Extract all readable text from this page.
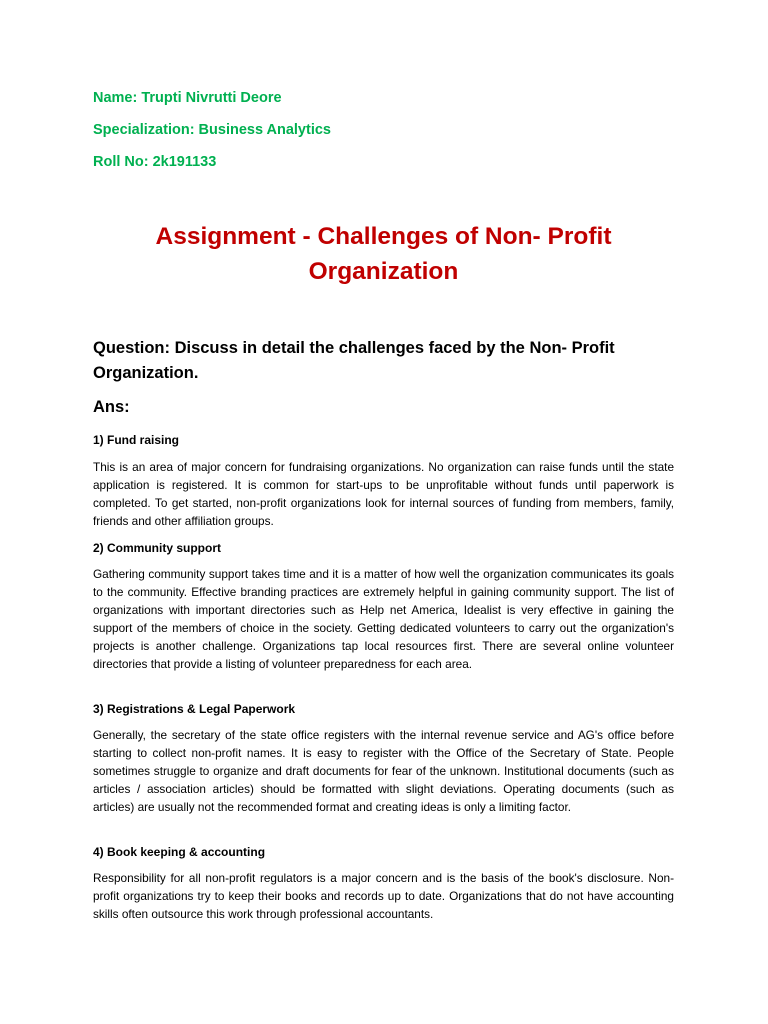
Name: Trupti Nivrutti Deore
Specialization: Business Analytics
Roll No: 2k191133
Assignment - Challenges of Non- Profit Organization
Question: Discuss in detail the challenges faced by the Non- Profit Organization.
Ans:
1) Fund raising
This is an area of major concern for fundraising organizations. No organization can raise funds until the state application is registered. It is common for start-ups to be unprofitable without funds until paperwork is completed. To get started, non-profit organizations look for internal sources of funding from members, family, friends and other affiliation groups.
2) Community support
Gathering community support takes time and it is a matter of how well the organization communicates its goals to the community. Effective branding practices are extremely helpful in gaining community support. The list of organizations with important directories such as Help net America, Idealist is very effective in gaining the support of the members of choice in the society. Getting dedicated volunteers to carry out the organization's projects is another challenge. Organizations tap local resources first. There are several online volunteer directories that provide a listing of volunteer preparedness for each area.
3) Registrations & Legal Paperwork
Generally, the secretary of the state office registers with the internal revenue service and AG's office before starting to collect non-profit names. It is easy to register with the Office of the Secretary of State. People sometimes struggle to organize and draft documents for fear of the unknown. Institutional documents (such as articles / association articles) should be formatted with slight deviations. Operating documents (such as articles) are usually not the recommended format and creating ideas is only a limiting factor.
4) Book keeping & accounting
Responsibility for all non-profit regulators is a major concern and is the basis of the book's disclosure. Non-profit organizations try to keep their books and records up to date. Organizations that do not have accounting skills often outsource this work through professional accountants.
